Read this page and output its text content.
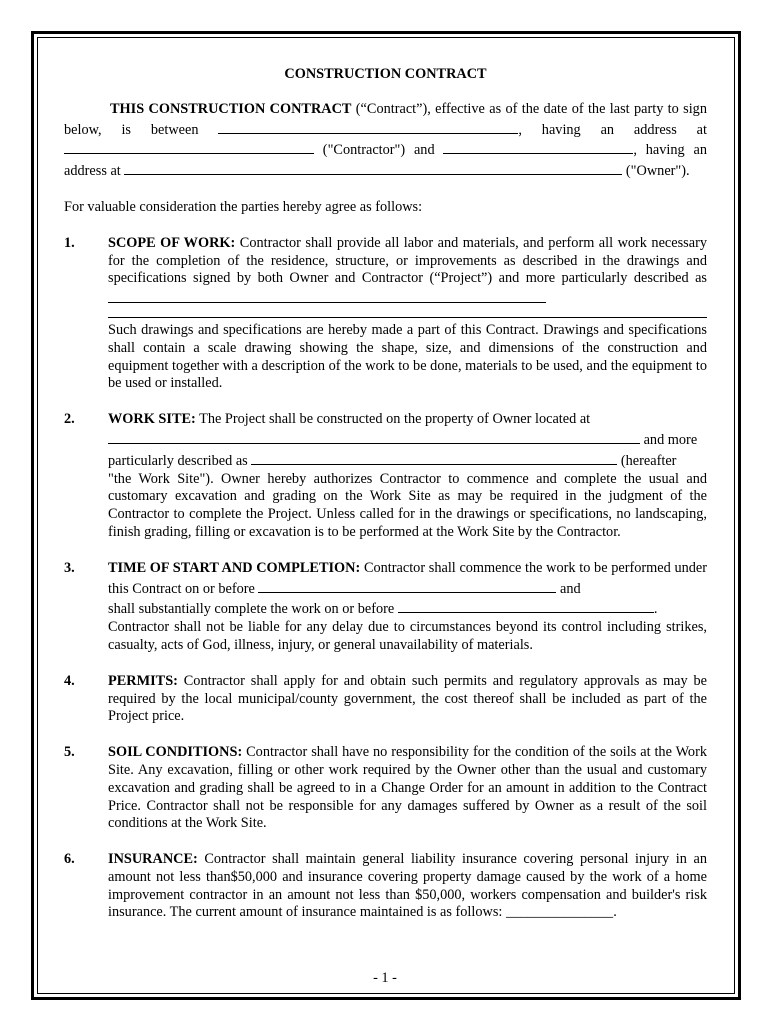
CONSTRUCTION CONTRACT

THIS CONSTRUCTION CONTRACT (“Contract”), effective as of the date of the last party to sign below, is between	, having an address at  ("Contractor") and	, having an address at	("Owner").

For valuable consideration the parties hereby agree as follows:

1. SCOPE OF WORK: Contractor shall provide all labor and materials, and perform all work necessary for the completion of the residence, structure, or improvements as described in the drawings and specifications signed by both Owner and Contractor (“Project”) and more particularly described as

Such drawings and specifications are hereby made a part of this Contract. Drawings and specifications shall contain a scale drawing showing the shape, size, and dimensions of the construction and equipment together with a description of the work to be done, materials to be used, and the equipment to be used or installed.

2. WORK SITE: The Project shall be constructed on the property of Owner located at

and more

particularly described as	(hereafter

"the Work Site"). Owner hereby authorizes Contractor to commence and complete the usual and customary excavation and grading on the Work Site as may be required in the judgment of the Contractor to complete the Project. Unless called for in the drawings or specifications, no landscaping, finish grading, filling or excavation is to be performed at the Work Site by the Contractor.

3. TIME OF START AND COMPLETION: Contractor shall commence the work to be performed under this Contract on or before	and

shall substantially complete the work on or before	.

Contractor shall not be liable for any delay due to circumstances beyond its control including strikes, casualty, acts of God, illness, injury, or general unavailability of materials.

4. PERMITS: Contractor shall apply for and obtain such permits and regulatory approvals as may be required by the local municipal/county government, the cost thereof shall be included as part of the Project price.

5. SOIL CONDITIONS: Contractor shall have no responsibility for the condition of the soils at the Work Site. Any excavation, filling or other work required by the Owner other than the usual and customary excavation and grading shall be agreed to in a Change Order for an amount in addition to the Contract Price. Contractor shall not be responsible for any damages suffered by Owner as a result of the soil conditions at the Work Site.

6. INSURANCE: Contractor shall maintain general liability insurance covering personal injury in an amount not less than$50,000 and insurance covering property damage caused by the work of a home improvement contractor in an amount not less than $50,000, workers compensation and builder's risk insurance. The current amount of insurance maintained is as follows: _______________.

- 1 -
